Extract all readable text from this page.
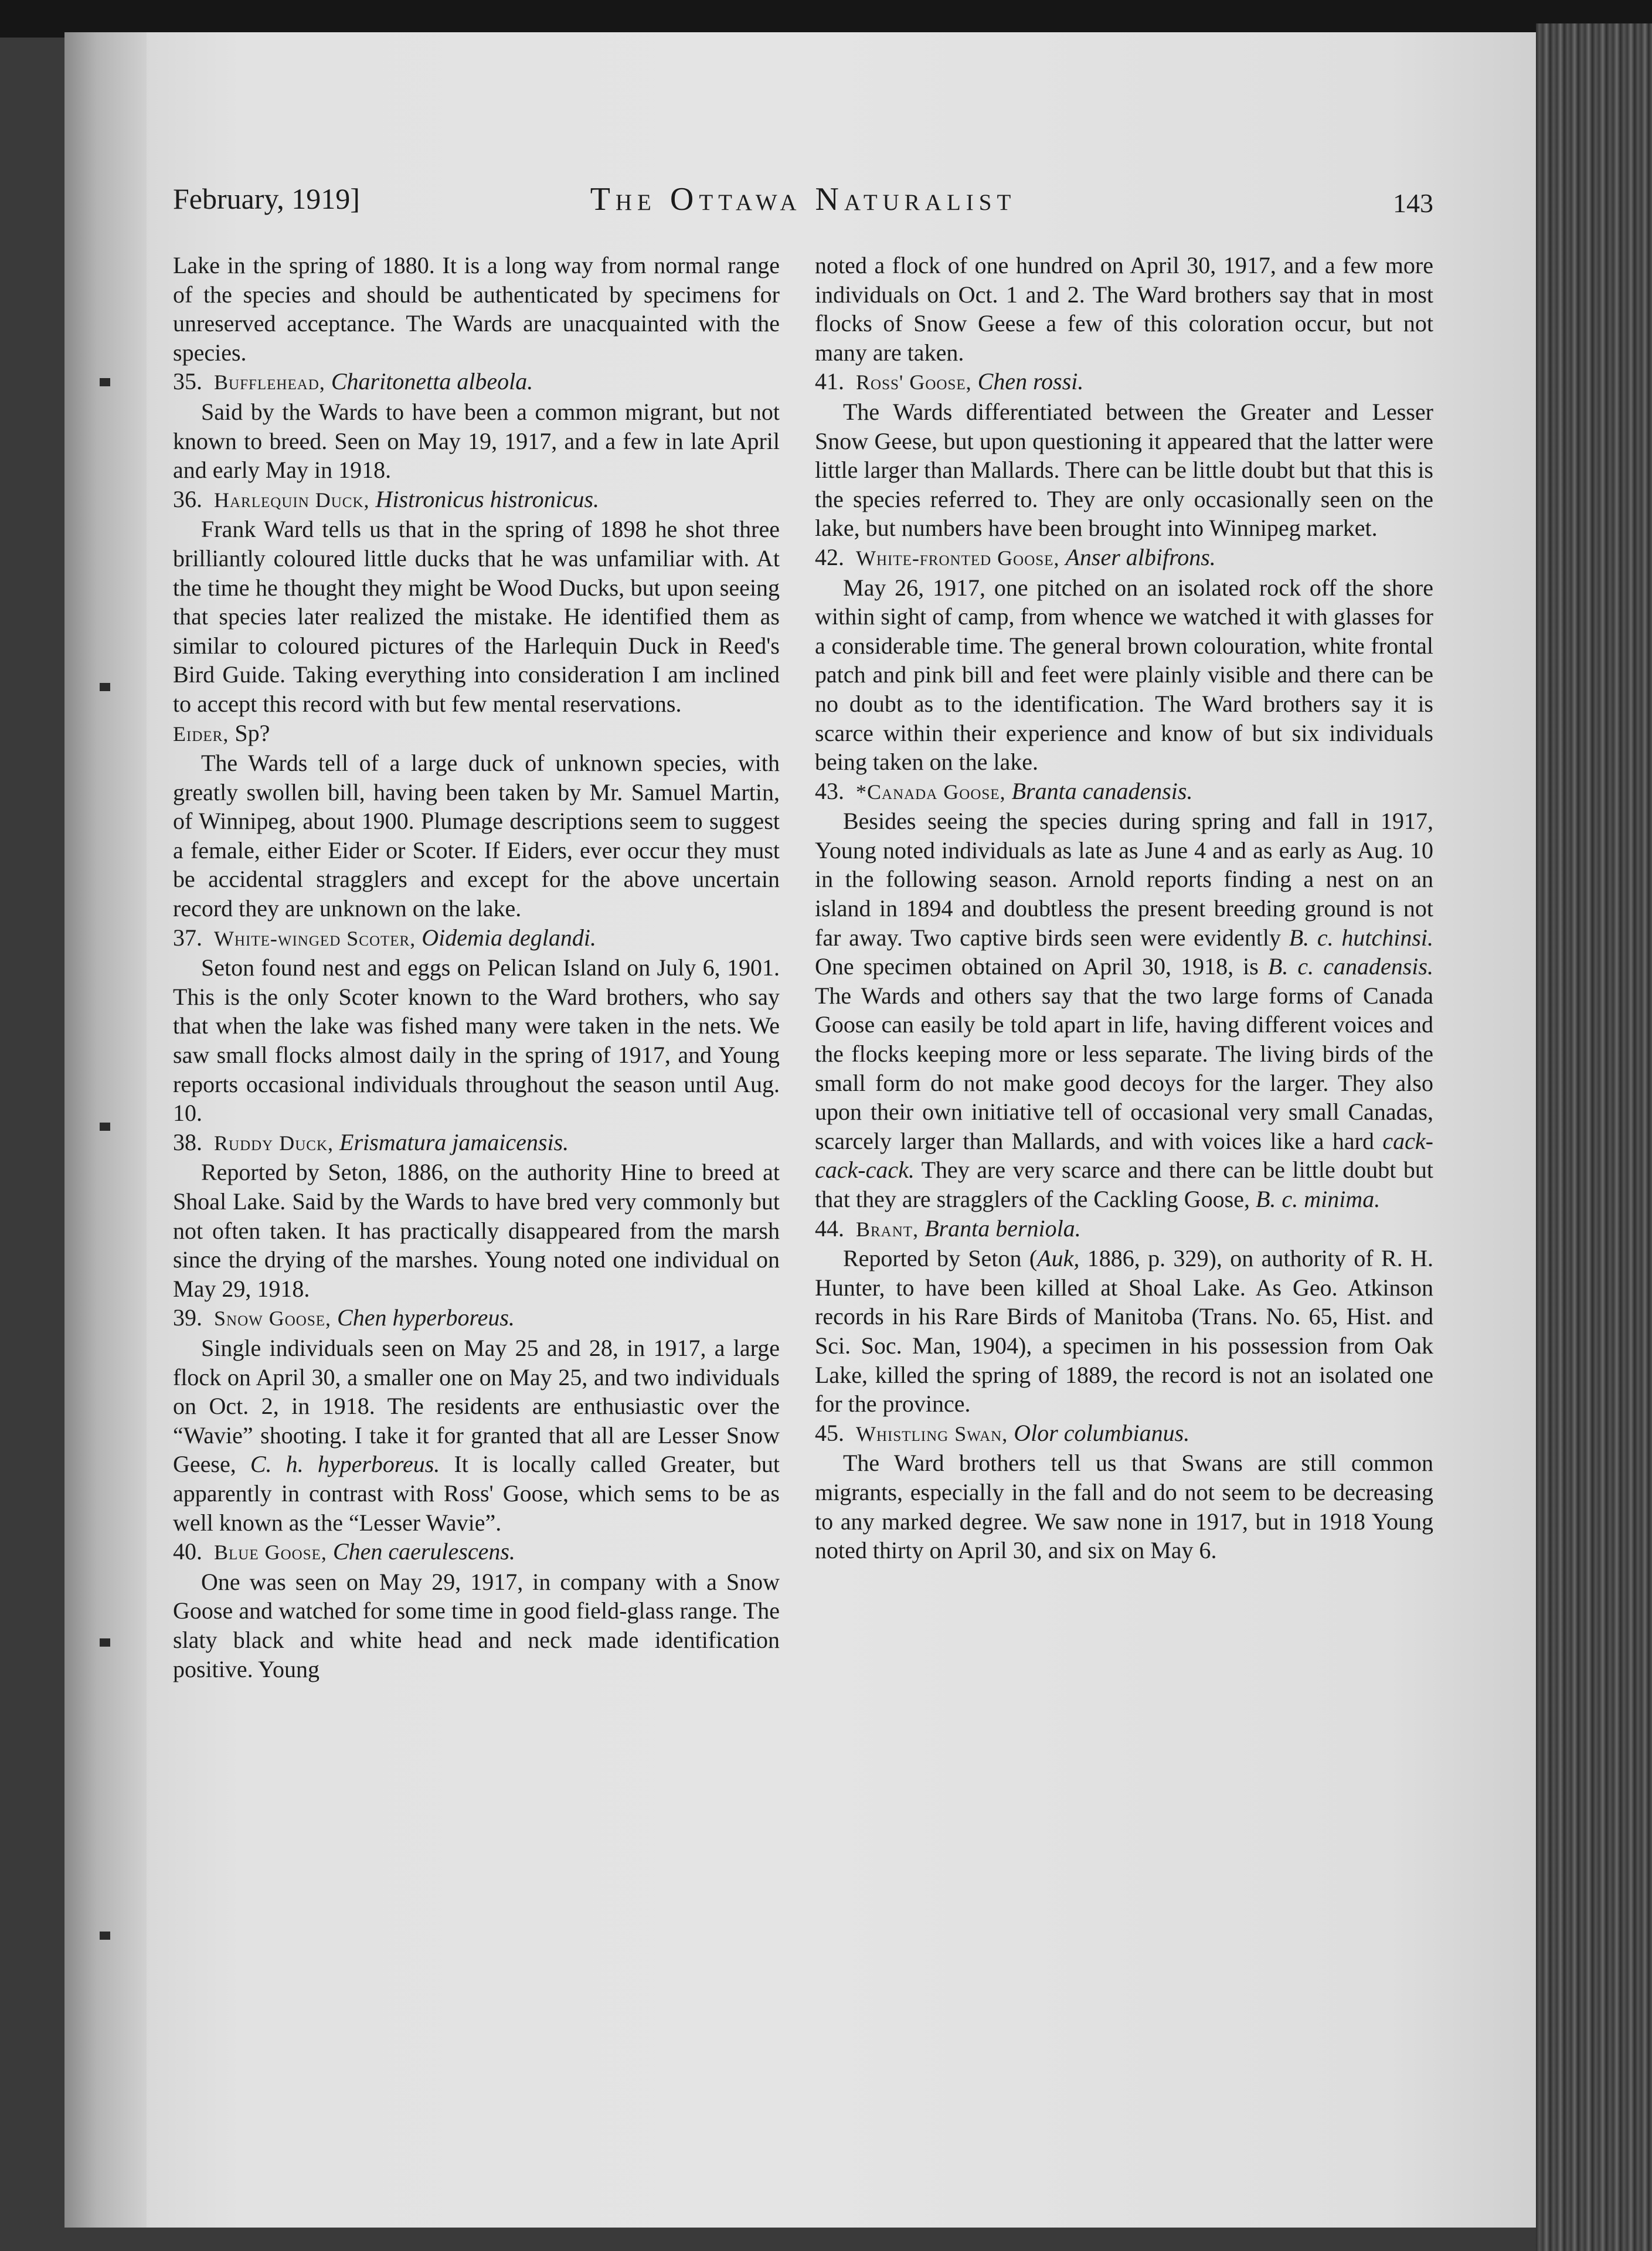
February, 1919]	The Ottawa Naturalist	143

Lake in the spring of 1880. It is a long way from normal range of the species and should be authenticated by specimens for unreserved acceptance. The Wards are unacquainted with the species.

35. Bufflehead, Charitonetta albeola.

Said by the Wards to have been a common migrant, but not known to breed. Seen on May 19, 1917, and a few in late April and early May in 1918.

36. Harlequin Duck, Histronicus histronicus.

Frank Ward tells us that in the spring of 1898 he shot three brilliantly coloured little ducks that he was unfamiliar with. At the time he thought they might be Wood Ducks, but upon seeing that species later realized the mistake. He identified them as similar to coloured pictures of the Harlequin Duck in Reed's Bird Guide. Taking everything into consideration I am inclined to accept this record with but few mental reservations.

Eider, Sp?

The Wards tell of a large duck of unknown species, with greatly swollen bill, having been taken by Mr. Samuel Martin, of Winnipeg, about 1900. Plumage descriptions seem to suggest a female, either Eider or Scoter. If Eiders, ever occur they must be accidental stragglers and except for the above uncertain record they are unknown on the lake.

37. White-winged Scoter, Oidemia deglandi.

Seton found nest and eggs on Pelican Island on July 6, 1901. This is the only Scoter known to the Ward brothers, who say that when the lake was fished many were taken in the nets. We saw small flocks almost daily in the spring of 1917, and Young reports occasional individuals throughout the season until Aug. 10.

38. Ruddy Duck, Erismatura jamaicensis.

Reported by Seton, 1886, on the authority Hine to breed at Shoal Lake. Said by the Wards to have bred very commonly but not often taken. It has practically disappeared from the marsh since the drying of the marshes. Young noted one individual on May 29, 1918.

39. Snow Goose, Chen hyperboreus.

Single individuals seen on May 25 and 28, in 1917, a large flock on April 30, a smaller one on May 25, and two individuals on Oct. 2, in 1918. The residents are enthusiastic over the “Wavie” shooting. I take it for granted that all are Lesser Snow Geese, C. h. hyperboreus. It is locally called Greater, but apparently in contrast with Ross' Goose, which sems to be as well known as the “Lesser Wavie”.

40. Blue Goose, Chen caerulescens.

One was seen on May 29, 1917, in company with a Snow Goose and watched for some time in good field-glass range. The slaty black and white head and neck made identification positive. Young

noted a flock of one hundred on April 30, 1917, and a few more individuals on Oct. 1 and 2. The Ward brothers say that in most flocks of Snow Geese a few of this coloration occur, but not many are taken.

41. Ross' Goose, Chen rossi.

The Wards differentiated between the Greater and Lesser Snow Geese, but upon questioning it appeared that the latter were little larger than Mallards. There can be little doubt but that this is the species referred to. They are only occasionally seen on the lake, but numbers have been brought into Winnipeg market.

42. White-fronted Goose, Anser albifrons.

May 26, 1917, one pitched on an isolated rock off the shore within sight of camp, from whence we watched it with glasses for a considerable time. The general brown colouration, white frontal patch and pink bill and feet were plainly visible and there can be no doubt as to the identification. The Ward brothers say it is scarce within their experience and know of but six individuals being taken on the lake.

43. *Canada Goose, Branta canadensis.

Besides seeing the species during spring and fall in 1917, Young noted individuals as late as June 4 and as early as Aug. 10 in the following season. Arnold reports finding a nest on an island in 1894 and doubtless the present breeding ground is not far away. Two captive birds seen were evidently B. c. hutchinsi. One specimen obtained on April 30, 1918, is B. c. canadensis. The Wards and others say that the two large forms of Canada Goose can easily be told apart in life, having different voices and the flocks keeping more or less separate. The living birds of the small form do not make good decoys for the larger. They also upon their own initiative tell of occasional very small Canadas, scarcely larger than Mallards, and with voices like a hard cack-cack-cack. They are very scarce and there can be little doubt but that they are stragglers of the Cackling Goose, B. c. minima.

44. Brant, Branta berniola.

Reported by Seton (Auk, 1886, p. 329), on authority of R. H. Hunter, to have been killed at Shoal Lake. As Geo. Atkinson records in his Rare Birds of Manitoba (Trans. No. 65, Hist. and Sci. Soc. Man, 1904), a specimen in his possession from Oak Lake, killed the spring of 1889, the record is not an isolated one for the province.

45. Whistling Swan, Olor columbianus.

The Ward brothers tell us that Swans are still common migrants, especially in the fall and do not seem to be decreasing to any marked degree. We saw none in 1917, but in 1918 Young noted thirty on April 30, and six on May 6.
